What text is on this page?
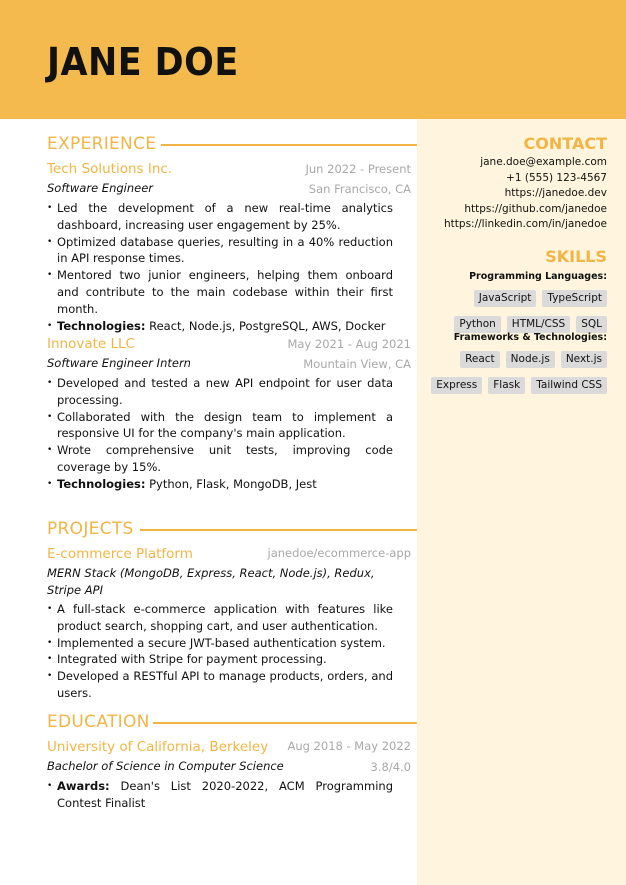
JANE DOE
CONTACT
jane.doe@example.com
+1 (555) 123-4567
https://janedoe.dev
https://github.com/janedoe
https://linkedin.com/in/janedoe
SKILLS
Programming Languages:
JavaScript	TypeScript
Python	HTML/CSS	SQL
Frameworks & Technologies:
React	Node.js	Next.js
Express	Flask	Tailwind CSS
EXPERIENCE
Tech Solutions Inc.	Jun 2022 - Present
Software Engineer	San Francisco, CA
• Led the development of a new real-time analytics dashboard, increasing user engagement by 25%.
• Optimized database queries, resulting in a 40% reduction in API response times.
• Mentored two junior engineers, helping them onboard and contribute to the main codebase within their first month.
• Technologies: React, Node.js, PostgreSQL, AWS, Docker
Innovate LLC	May 2021 - Aug 2021
Software Engineer Intern	Mountain View, CA
• Developed and tested a new API endpoint for user data processing.
• Collaborated with the design team to implement a responsive UI for the company's main application.
• Wrote comprehensive unit tests, improving code coverage by 15%.
• Technologies: Python, Flask, MongoDB, Jest
PROJECTS
E-commerce Platform	janedoe/ecommerce-app
MERN Stack (MongoDB, Express, React, Node.js), Redux, Stripe API
• A full-stack e-commerce application with features like product search, shopping cart, and user authentication.
• Implemented a secure JWT-based authentication system.
• Integrated with Stripe for payment processing.
• Developed a RESTful API to manage products, orders, and users.
EDUCATION
University of California, Berkeley Aug 2018 - May 2022
Bachelor of Science in Computer Science	3.8/4.0
• Awards: Dean's List 2020-2022, ACM Programming Contest Finalist
